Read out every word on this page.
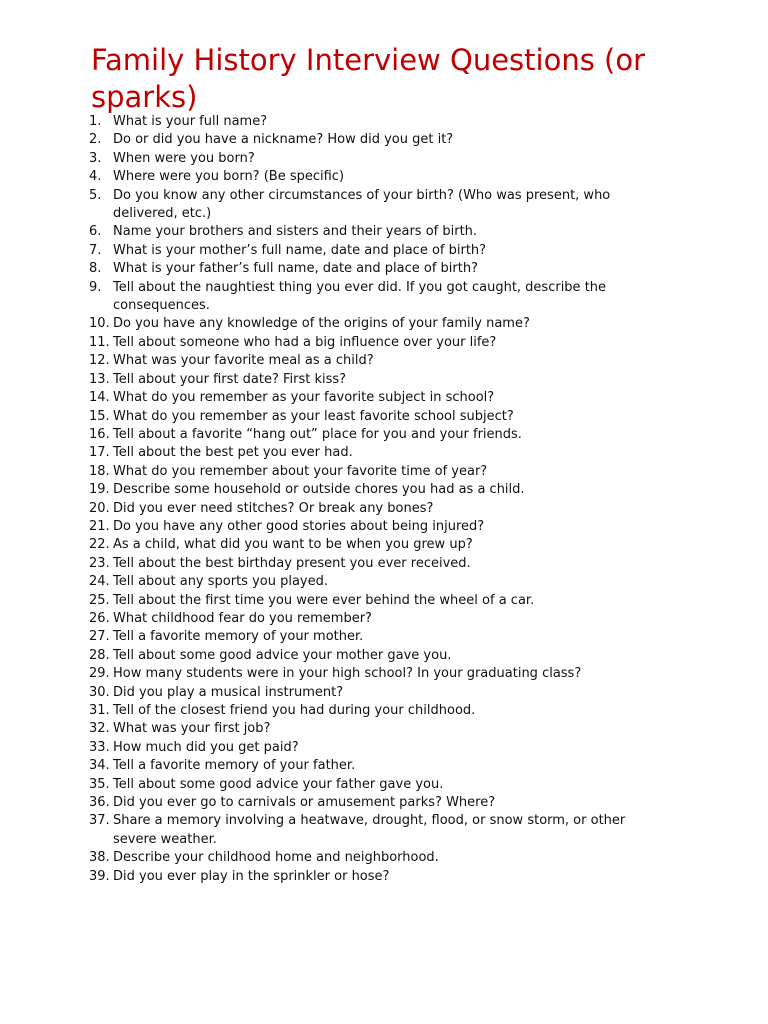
Family History Interview Questions (or sparks)
1. What is your full name?
2. Do or did you have a nickname? How did you get it?
3. When were you born?
4. Where were you born? (Be specific)
5. Do you know any other circumstances of your birth? (Who was present, who delivered, etc.)
6. Name your brothers and sisters and their years of birth.
7. What is your mother’s full name, date and place of birth?
8. What is your father’s full name, date and place of birth?
9. Tell about the naughtiest thing you ever did. If you got caught, describe the consequences.
10. Do you have any knowledge of the origins of your family name?
11. Tell about someone who had a big influence over your life?
12. What was your favorite meal as a child?
13. Tell about your first date? First kiss?
14. What do you remember as your favorite subject in school?
15. What do you remember as your least favorite school subject?
16. Tell about a favorite “hang out” place for you and your friends.
17. Tell about the best pet you ever had.
18. What do you remember about your favorite time of year?
19. Describe some household or outside chores you had as a child.
20. Did you ever need stitches? Or break any bones?
21. Do you have any other good stories about being injured?
22. As a child, what did you want to be when you grew up?
23. Tell about the best birthday present you ever received.
24. Tell about any sports you played.
25. Tell about the first time you were ever behind the wheel of a car.
26. What childhood fear do you remember?
27. Tell a favorite memory of your mother.
28. Tell about some good advice your mother gave you.
29. How many students were in your high school? In your graduating class?
30. Did you play a musical instrument?
31. Tell of the closest friend you had during your childhood.
32. What was your first job?
33. How much did you get paid?
34. Tell a favorite memory of your father.
35. Tell about some good advice your father gave you.
36. Did you ever go to carnivals or amusement parks? Where?
37. Share a memory involving a heatwave, drought, flood, or snow storm, or other severe weather.
38. Describe your childhood home and neighborhood.
39. Did you ever play in the sprinkler or hose?
